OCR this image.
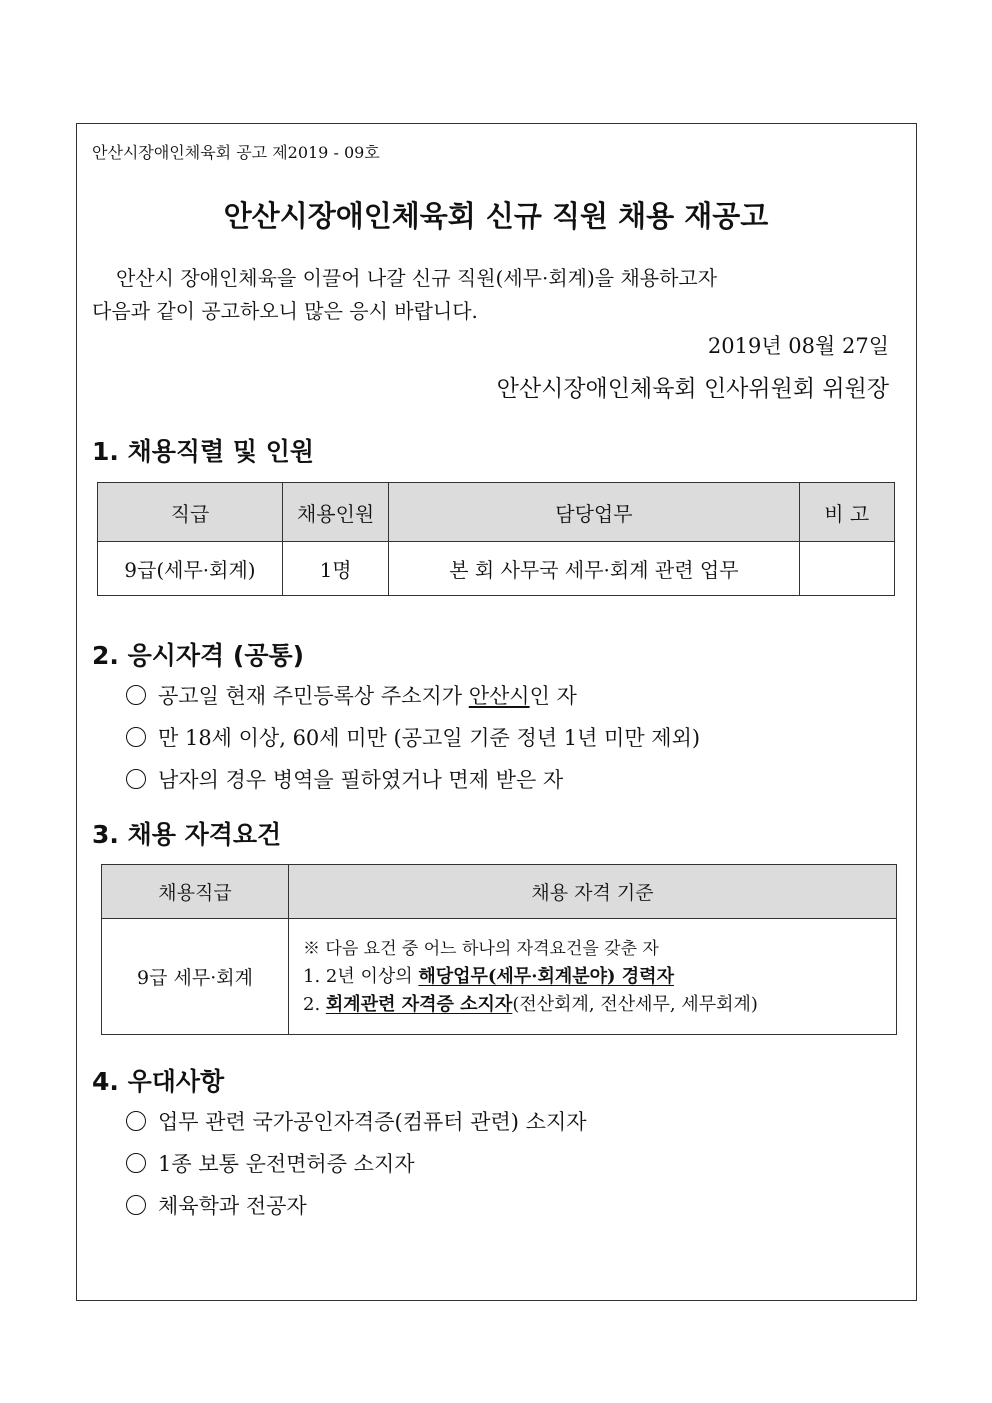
안산시장애인체육회 공고 제2019 - 09호
안산시장애인체육회 신규 직원 채용 재공고
안산시 장애인체육을 이끌어 나갈 신규 직원(세무·회계)을 채용하고자
다음과 같이 공고하오니 많은 응시 바랍니다.
2019년 08월 27일
안산시장애인체육회 인사위원회 위원장
1. 채용직렬 및 인원
직급	채용인원	담당업무	비 고
9급(세무·회계)	1명	본 회 사무국 세무·회계 관련 업무	
2. 응시자격 (공통)
공고일 현재 주민등록상 주소지가 안산시인 자
만 18세 이상, 60세 미만 (공고일 기준 정년 1년 미만 제외)
남자의 경우 병역을 필하였거나 면제 받은 자
3. 채용 자격요건
채용직급	채용 자격 기준
9급 세무·회계	※ 다음 요건 중 어느 하나의 자격요건을 갖춘 자
1. 2년 이상의 해당업무(세무·회계분야) 경력자
2. 회계관련 자격증 소지자(전산회계, 전산세무, 세무회계)
4. 우대사항
업무 관련 국가공인자격증(컴퓨터 관련) 소지자
1종 보통 운전면허증 소지자
체육학과 전공자
